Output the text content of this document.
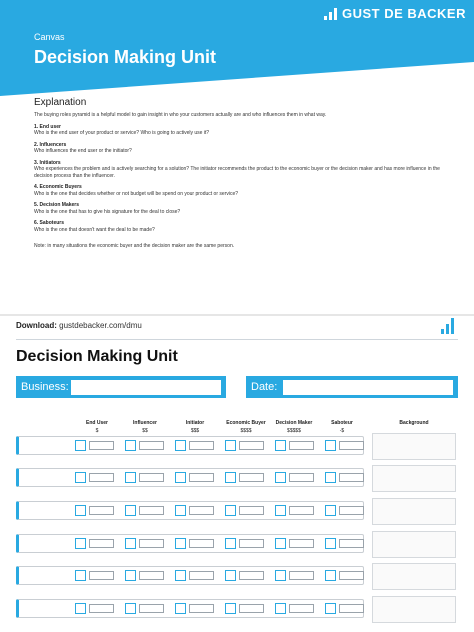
GUST DE BACKER
Canvas
Decision Making Unit
Explanation

The buying roles pyramid is a helpful model to gain insight in who your customers actually are and who influences them in what way.

1. End user

Who is the end user of your product or service? Who is going to actively use it?

2. Influencers

Who influences the end user or the initiator?

3. Initiators

Who experiences the problem and is actively searching for a solution? The initiator recommends the product to the economic buyer or the decision maker and has more influence in the decision process than the influencer.

4. Economic Buyers

Who is the one that decides whether or not budget will be spend on your product or service?

5. Decision Makers

Who is the one that has to give his signature for the deal to close?

6. Saboteurs

Who is the one that doesn't want the deal to be made?

Note: in many situations the economic buyer and the decision maker are the same person.

Download: gustdebacker.com/dmu
Decision Making Unit
Business:	Date:
End User
$
Influencer
$$
Initiator
$$$
Economic Buyer
$$$$
Decision Maker
$$$$$
Saboteur
-$
Background
